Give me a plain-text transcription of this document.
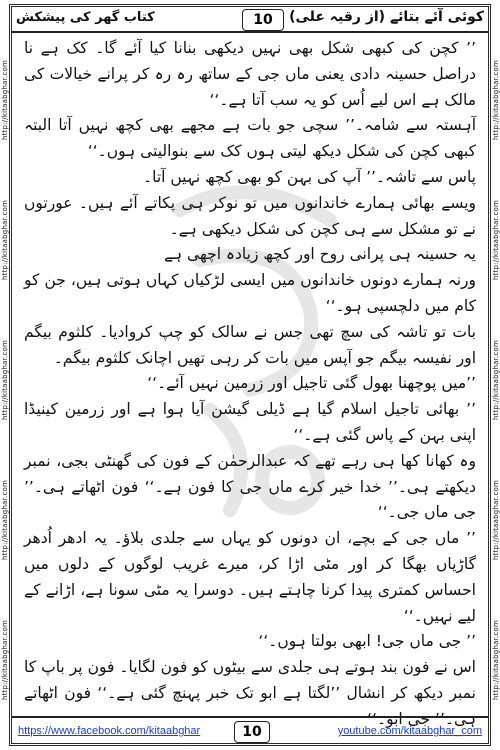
کوئی آئے بتائے (از رقیہ علی)
10
کتاب گھر کی پیشکش
http://kitaabghar.com
http://kitaabghar.com
http://kitaabghar.com
http://kitaabghar.com
http://kitaabghar.com
http://kitaabghar.com
http://kitaabghar.com
http://kitaabghar.com
http://kitaabghar.com
http://kitaabghar.com

’’ کچن کی کبھی شکل بھی نہیں دیکھی بنانا کیا آئے گا۔ کک ہے نا دراصل حسینہ دادی یعنی ماں جی کے ساتھ رہ رہ کر پرانے خیالات کی مالک ہے اس لیے اُس کو یہ سب آتا ہے۔‘‘

آہستہ سے شامہ۔’’ سچی جو بات ہے مجھے بھی کچھ نہیں آتا البتہ کبھی کچن کی شکل دیکھ لیتی ہوں کک سے بنوالیتی ہوں۔‘‘

پاس سے تاشہ۔’’ آپ کی بہن کو بھی کچھ نہیں آتا۔

ویسے بھائی ہمارے خاندانوں میں تو نوکر ہی پکاتے آئے ہیں۔ عورتوں نے تو مشکل سے ہی کچن کی شکل دیکھی ہے۔

یہ حسینہ ہی پرانی روح اور کچھ زیادہ اچھی ہے

ورنہ ہمارے دونوں خاندانوں میں ایسی لڑکیاں کہاں ہوتی ہیں، جن کو کام میں دلچسپی ہو۔‘‘

بات تو تاشہ کی سچ تھی جس نے سالک کو چپ کروادیا۔ کلثوم بیگم اور نفیسہ بیگم جو آپس میں بات کر رہی تھیں اچانک کلثوم بیگم۔

’’میں پوچھنا بھول گئی تاجیل اور زرمین نہیں آئے۔‘‘

’’ بھائی تاجیل اسلام گیا ہے ڈیلی گیشن آیا ہوا ہے اور زرمین کینیڈا اپنی بہن کے پاس گئی ہے۔‘‘

وہ کھانا کھا ہی رہے تھے کہ عبدالرحمٰن کے فون کی گھنٹی بجی، نمبر دیکھتے ہی۔’’ خدا خیر کرے ماں جی کا فون ہے۔‘‘ فون اٹھاتے ہی۔’’ جی ماں جی۔‘‘

’’ ماں جی کے بچے، ان دونوں کو یہاں سے جلدی بلاؤ۔ یہ ادھر اُدھر گاڑیاں بھگا کر اور مٹی اڑا کر، میرے غریب لوگوں کے دلوں میں احساس کمتری پیدا کرنا چاہتے ہیں۔ دوسرا یہ مٹی سونا ہے، اڑانے کے لیے نہیں۔‘‘

’’ جی ماں جی! ابھی بولتا ہوں۔‘‘

اس نے فون بند ہوتے ہی جلدی سے بیٹوں کو فون لگایا۔ فون پر باپ کا نمبر دیکھ کر انشال ’’لگتا ہے ابو تک خبر پہنچ گئی ہے۔‘‘ فون اٹھاتے ہی۔’’ جی ابو۔‘‘

https://www.facebook.com/kitaabghar	10	youtube.com/kitaabghar_com
